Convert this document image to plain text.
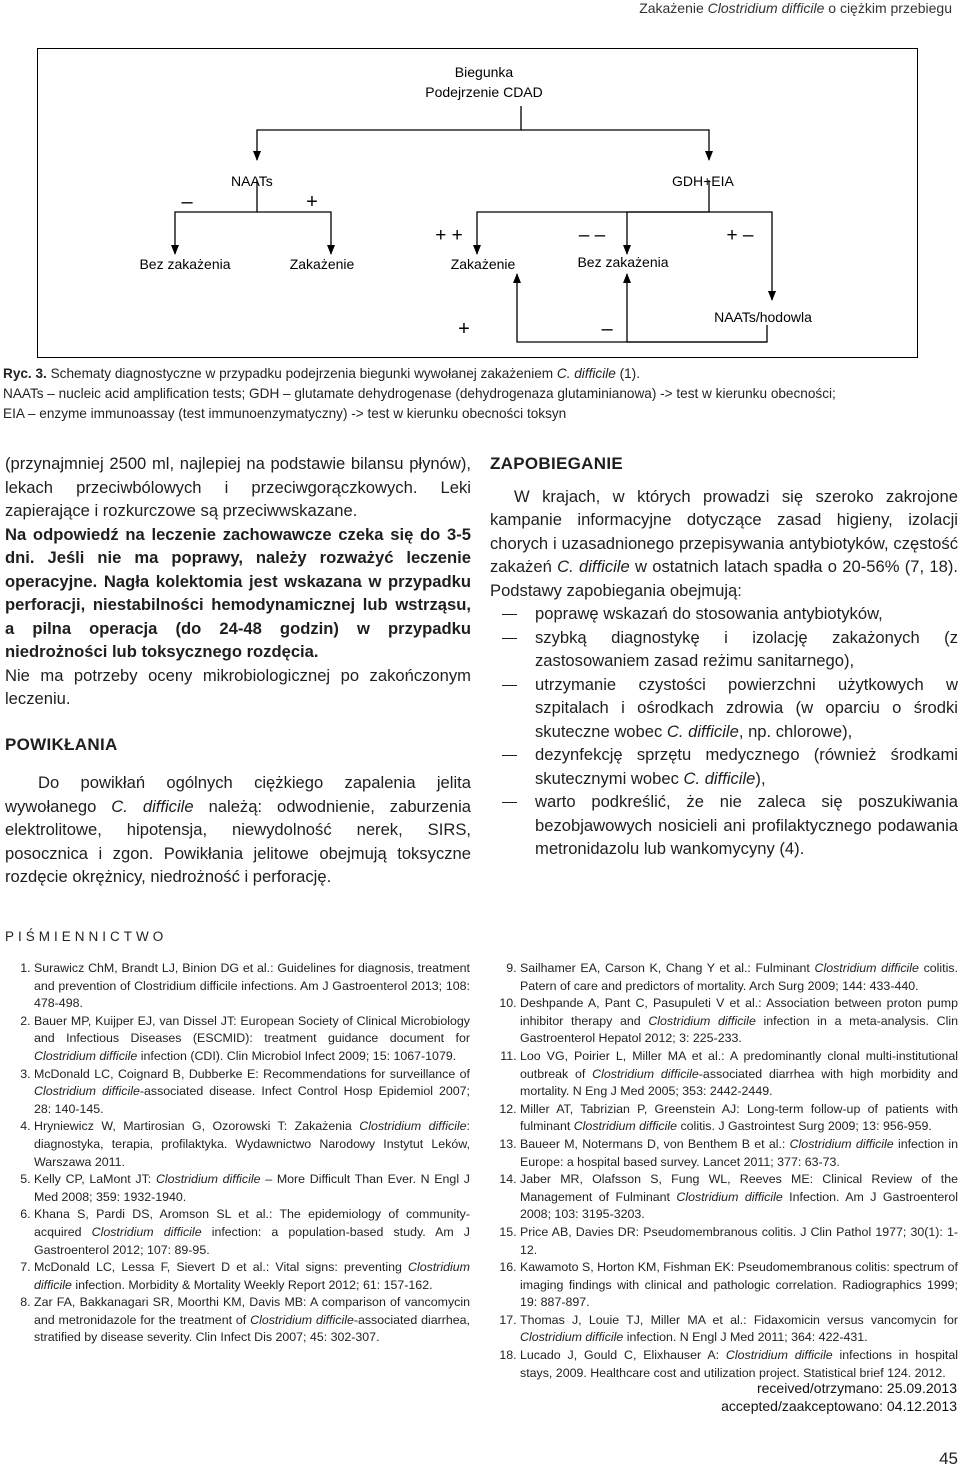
Zakażenie Clostridium difficile o ciężkim przebiegu
Biegunka
Podejrzenie CDAD
NAATs	GDH+EIA
–	+
+ +	– –	+ –
Bez zakażenia	Zakażenie	Zakażenie	Bez zakażenia
NAATs/hodowla
+	–

Ryc. 3. Schematy diagnostyczne w przypadku podejrzenia biegunki wywołanej zakażeniem C. difficile (1).

NAATs – nucleic acid amplification tests; GDH – glutamate dehydrogenase (dehydrogenaza glutaminianowa) -> test w kierunku obecności;

EIA – enzyme immunoassay (test immunoenzymatyczny) -> test w kierunku obecności toksyn

(przynajmniej 2500 ml, najlepiej na podstawie bilansu płynów), lekach przeciwbólowych i przeciwgorączkowych. Leki zapierające i rozkurczowe są przeciwwskazane.

Na odpowiedź na leczenie zachowawcze czeka się do 3-5 dni. Jeśli nie ma poprawy, należy rozważyć leczenie operacyjne. Nagła kolektomia jest wskazana w przypadku perforacji, niestabilności hemodynamicznej lub wstrząsu, a pilna operacja (do 24-48 godzin) w przypadku niedrożności lub toksycznego rozdęcia.

Nie ma potrzeby oceny mikrobiologicznej po zakończonym leczeniu.

POWIKŁANIA

Do powikłań ogólnych ciężkiego zapalenia jelita wywołanego C. difficile należą: odwodnienie, zaburzenia elektrolitowe, hipotensja, niewydolność nerek, SIRS, posocznica i zgon. Powikłania jelitowe obejmują toksyczne rozdęcie okrężnicy, niedrożność i perforację.

ZAPOBIEGANIE

W krajach, w których prowadzi się szeroko zakrojone kampanie informacyjne dotyczące zasad higieny, izolacji chorych i uzasadnionego przepisywania antybiotyków, częstość zakażeń C. difficile w ostatnich latach spadła o 20-56% (7, 18). Podstawy zapobiegania obejmują:

poprawę wskazań do stosowania antybiotyków,
szybką diagnostykę i izolację zakażonych (z zastosowaniem zasad reżimu sanitarnego),
utrzymanie czystości powierzchni użytkowych w szpitalach i ośrodkach zdrowia (w oparciu o środki skuteczne wobec C. difficile, np. chlorowe),
dezynfekcję sprzętu medycznego (również środkami skutecznymi wobec C. difficile),
warto podkreślić, że nie zaleca się poszukiwania bezobjawowych nosicieli ani profilaktycznego podawania metronidazolu lub wankomycyny (4).
PIŚMIENNICTWO
1. Surawicz ChM, Brandt LJ, Binion DG et al.: Guidelines for diagnosis, treatment and prevention of Clostridium difficile infections. Am J Gastroenterol 2013; 108: 478-498.
2. Bauer MP, Kuijper EJ, van Dissel JT: European Society of Clinical Microbiology and Infectious Diseases (ESCMID): treatment guidance document for Clostridium difficile infection (CDI). Clin Microbiol Infect 2009; 15: 1067-1079.
3. McDonald LC, Coignard B, Dubberke E: Recommendations for surveillance of Clostridium difficile-associated disease. Infect Control Hosp Epidemiol 2007; 28: 140-145.
4. Hryniewicz W, Martirosian G, Ozorowski T: Zakażenia Clostridium difficile: diagnostyka, terapia, profilaktyka. Wydawnictwo Narodowy Instytut Leków, Warszawa 2011.
5. Kelly CP, LaMont JT: Clostridium difficile – More Difficult Than Ever. N Engl J Med 2008; 359: 1932-1940.
6. Khana S, Pardi DS, Aromson SL et al.: The epidemiology of community-acquired Clostridium difficile infection: a population-based study. Am J Gastroenterol 2012; 107: 89-95.
7. McDonald LC, Lessa F, Sievert D et al.: Vital signs: preventing Clostridium difficile infection. Morbidity & Mortality Weekly Report 2012; 61: 157-162.
8. Zar FA, Bakkanagari SR, Moorthi KM, Davis MB: A comparison of vancomycin and metronidazole for the treatment of Clostridium difficile-associated diarrhea, stratified by disease severity. Clin Infect Dis 2007; 45: 302-307.
9. Sailhamer EA, Carson K, Chang Y et al.: Fulminant Clostridium difficile colitis. Patern of care and predictors of mortality. Arch Surg 2009; 144: 433-440.
10. Deshpande A, Pant C, Pasupuleti V et al.: Association between proton pump inhibitor therapy and Clostridium difficile infection in a meta-analysis. Clin Gastroenterol Hepatol 2012; 3: 225-233.
11. Loo VG, Poirier L, Miller MA et al.: A predominantly clonal multi-institutional outbreak of Clostridium difficile-associated diarrhea with high morbidity and mortality. N Eng J Med 2005; 353: 2442-2449.
12. Miller AT, Tabrizian P, Greenstein AJ: Long-term follow-up of patients with fulminant Clostridium difficile colitis. J Gastrointest Surg 2009; 13: 956-959.
13. Baueer M, Notermans D, von Benthem B et al.: Clostridium difficile infection in Europe: a hospital based survey. Lancet 2011; 377: 63-73.
14. Jaber MR, Olafsson S, Fung WL, Reeves ME: Clinical Review of the Management of Fulminant Clostridium difficile Infection. Am J Gastroenterol 2008; 103: 3195-3203.
15. Price AB, Davies DR: Pseudomembranous colitis. J Clin Pathol 1977; 30(1): 1-12.
16. Kawamoto S, Horton KM, Fishman EK: Pseudomembranous colitis: spectrum of imaging findings with clinical and pathologic correlation. Radiographics 1999; 19: 887-897.
17. Thomas J, Louie TJ, Miller MA et al.: Fidaxomicin versus vancomycin for Clostridium difficile infection. N Engl J Med 2011; 364: 422-431.
18. Lucado J, Gould C, Elixhauser A: Clostridium difficile infections in hospital stays, 2009. Healthcare cost and utilization project. Statistical brief 124. 2012.
received/otrzymano: 25.09.2013
accepted/zaakceptowano: 04.12.2013
45
